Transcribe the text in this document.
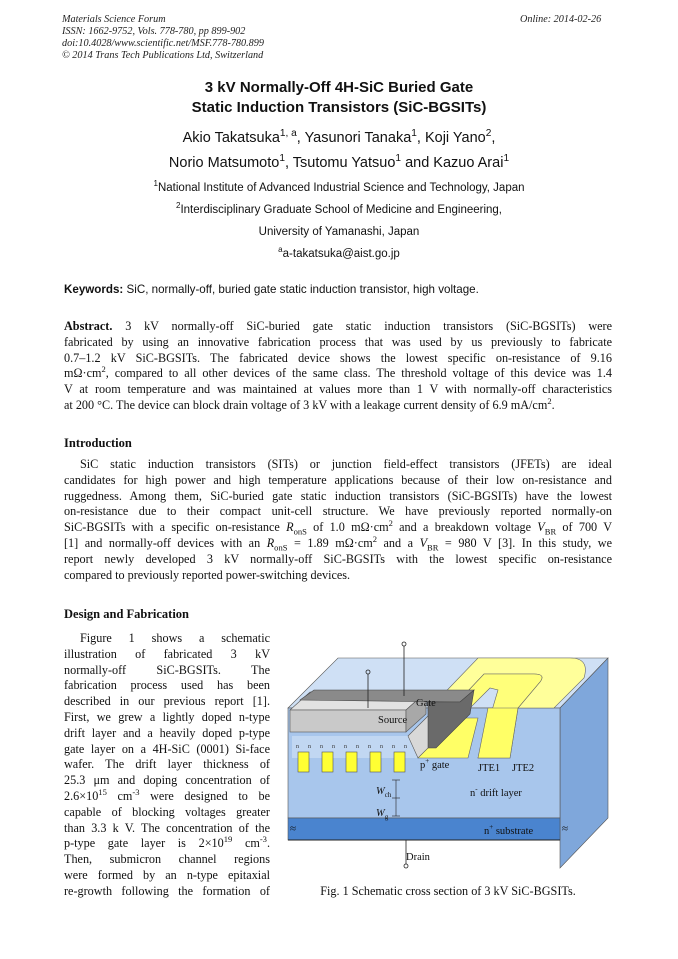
Materials Science Forum
ISSN: 1662-9752, Vols. 778-780, pp 899-902
doi:10.4028/www.scientific.net/MSF.778-780.899
© 2014 Trans Tech Publications Ltd, Switzerland
Online: 2014-02-26
3 kV Normally-Off 4H-SiC Buried Gate
Static Induction Transistors (SiC-BGSITs)
Akio Takatsuka$^{1, a}$, Yasunori Tanaka$^1$, Koji Yano$^2$,
Norio Matsumoto$^1$, Tsutomu Yatsuo$^1$ and Kazuo Arai$^1$
$^1$National Institute of Advanced Industrial Science and Technology, Japan
$^2$Interdisciplinary Graduate School of Medicine and Engineering,
University of Yamanashi, Japan
$^a$a-takatsuka@aist.go.jp
Keywords: SiC, normally-off, buried gate static induction transistor, high voltage.
Abstract. 3 kV normally-off SiC-buried gate static induction transistors (SiC-BGSITs) were
fabricated by using an innovative fabrication process that was used by us previously to fabricate
0.7–1.2 kV SiC-BGSITs. The fabricated device shows the lowest specific on-resistance of 9.16
$m\Omega\cdot cm^2$, compared to all other devices of the same class. The threshold voltage of this device was 1.4
V at room temperature and was maintained at values more than 1 V with normally-off characteristics
at 200 °C. The device can block drain voltage of 3 kV with a leakage current density of 6.9 $mA/cm^2$.
Introduction
SiC static induction transistors (SITs) or junction field-effect transistors (JFETs) are ideal
candidates for high power and high temperature applications because of their low on-resistance and
ruggedness. Among them, SiC-buried gate static induction transistors (SiC-BGSITs) have the lowest
on-resistance due to their compact unit-cell structure. We have previously reported normally-on
SiC-BGSITs with a specific on-resistance $R_{onS}$ of 1.0 $m\Omega\cdot cm^2$ and a breakdown voltage $V_{BR}$ of 700 V
[1] and normally-off devices with an $R_{onS} = 1.89$ $m\Omega\cdot cm^2$ and a $V_{BR} = 980$ V [3]. In this study, we
report newly developed 3 kV normally-off SiC-BGSITs with the lowest specific on-resistance
compared to previously reported power-switching devices.
Design and Fabrication
Figure 1 shows a schematic
illustration of fabricated 3 kV
normally-off SiC-BGSITs. The
fabrication process used has been
described in our previous report [1].
First, we grew a lightly doped n-type
drift layer and a heavily doped p-type
gate layer on a 4H-SiC (0001) Si-face
wafer. The drift layer thickness of
25.3 μm and doping concentration of
$2.6\times 10^{15}$ $cm^{-3}$ were designed to be
capable of blocking voltages greater
than 3.3 k V. The concentration of the
p-type gate layer is $2\times 10^{19}$ $cm^{-3}$.
Then, submicron channel regions
were formed by an n-type epitaxial
re-growth following the formation of
n n n n n n n n n n
Gate
Source
p+ gate	JTE1 JTE2
n- drift layer
$W_{ch}$
$W_g$
n+ substrate
Drain
≈	≈
Fig. 1 Schematic cross section of 3 kV SiC-BGSITs.
